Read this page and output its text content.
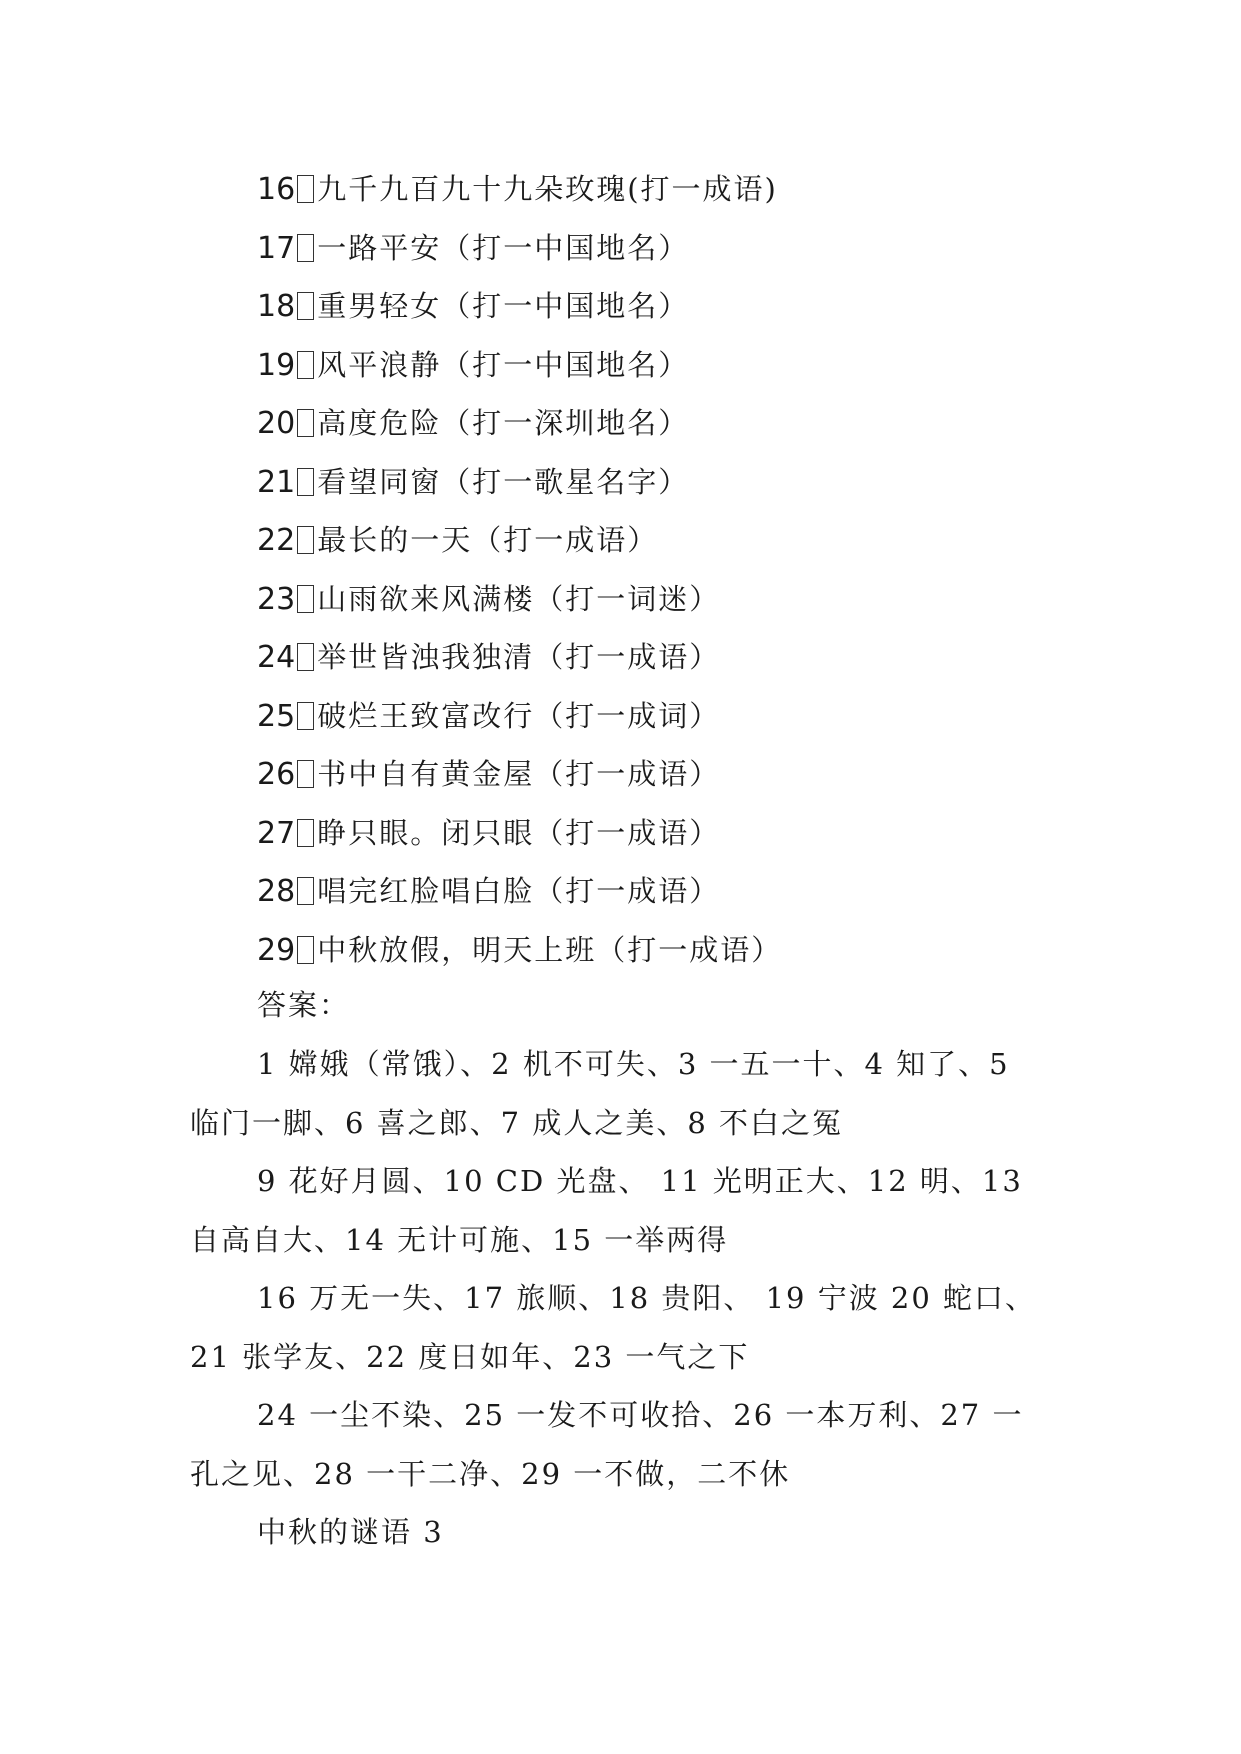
16 九千九百九十九朵玫瑰(打一成语)
17 一路平安（打一中国地名）
18 重男轻女（打一中国地名）
19 风平浪静（打一中国地名）
20 高度危险（打一深圳地名）
21 看望同窗（打一歌星名字）
22 最长的一天（打一成语）
23 山雨欲来风满楼（打一词迷）
24 举世皆浊我独清（打一成语）
25 破烂王致富改行（打一成词）
26 书中自有黄金屋（打一成语）
27 睁只眼。闭只眼（打一成语）
28 唱完红脸唱白脸（打一成语）
29 中秋放假，明天上班（打一成语）
答案：
1 嫦娥（常饿）、2 机不可失、3 一五一十、4 知了、5
临门一脚、6 喜之郎、7 成人之美、8 不白之冤
9 花好月圆、10 CD 光盘、 11 光明正大、12 明、13
自高自大、14 无计可施、15 一举两得
16 万无一失、17 旅顺、18 贵阳、 19 宁波 20 蛇口、
21 张学友、22 度日如年、23 一气之下
24 一尘不染、25 一发不可收拾、26 一本万利、27 一
孔之见、28 一干二净、29 一不做，二不休
中秋的谜语 3
